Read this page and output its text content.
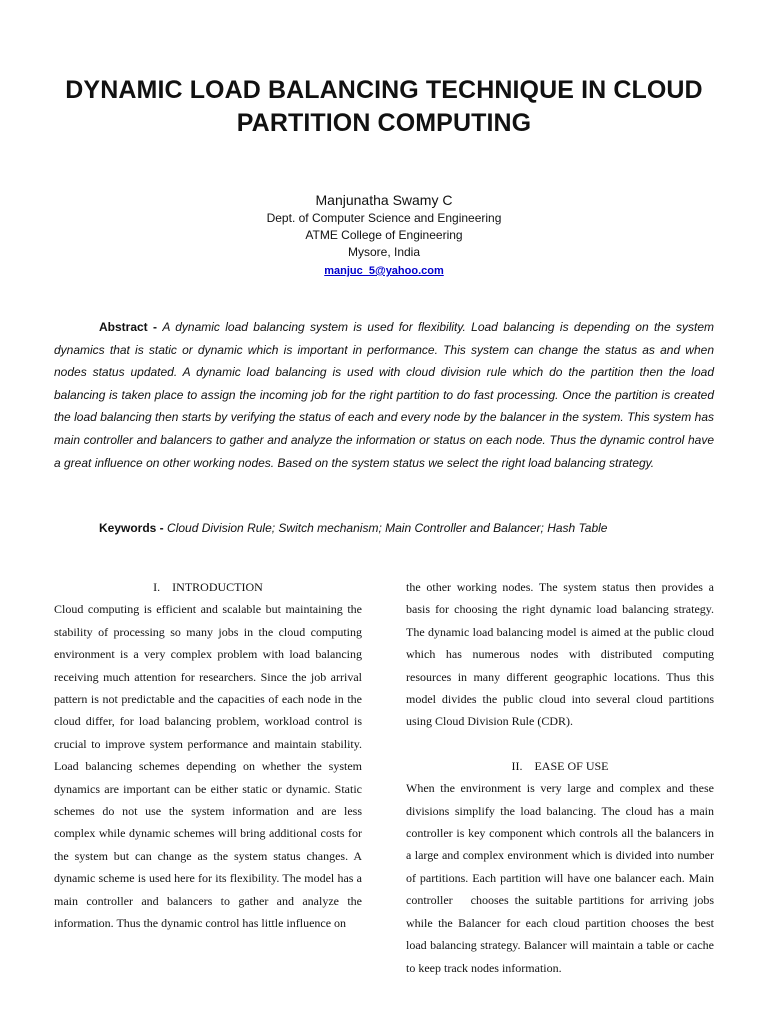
DYNAMIC LOAD BALANCING TECHNIQUE IN CLOUD
PARTITION COMPUTING
Manjunatha Swamy C
Dept. of Computer Science and Engineering
ATME College of Engineering
Mysore, India
manjuc_5@yahoo.com

Abstract - A dynamic load balancing system is used for flexibility. Load balancing is depending on the system dynamics that is static or dynamic which is important in performance. This system can change the status as and when nodes status updated. A dynamic load balancing is used with cloud division rule which do the partition then the load balancing is taken place to assign the incoming job for the right partition to do fast processing. Once the partition is created the load balancing then starts by verifying the status of each and every node by the balancer in the system. This system has main controller and balancers to gather and analyze the information or status on each node. Thus the dynamic control have a great influence on other working nodes. Based on the system status we select the right load balancing strategy.

Keywords - Cloud Division Rule; Switch mechanism; Main Controller and Balancer; Hash Table

I.    INTRODUCTION

Cloud computing is efficient and scalable but maintaining the stability of processing so many jobs in the cloud computing environment is a very complex problem with load balancing receiving much attention for researchers. Since the job arrival pattern is not predictable and the capacities of each node in the cloud differ, for load balancing problem, workload control is crucial to improve system performance and maintain stability. Load balancing schemes depending on whether the system dynamics are important can be either static or dynamic. Static schemes do not use the system information and are less complex while dynamic schemes will bring additional costs for the system but can change as the system status changes. A dynamic scheme is used here for its flexibility. The model has a main controller and balancers to gather and analyze the information. Thus the dynamic control has little influence on

the other working nodes. The system status then provides a basis for choosing the right dynamic load balancing strategy. The dynamic load balancing model is aimed at the public cloud which has numerous nodes with distributed computing resources in many different geographic locations. Thus this model divides the public cloud into several cloud partitions using Cloud Division Rule (CDR).

II.    EASE OF USE

When the environment is very large and complex and these divisions simplify the load balancing. The cloud has a main controller is key component which controls all the balancers in a large and complex environment which is divided into number of partitions. Each partition will have one balancer each. Main controller   chooses the suitable partitions for arriving jobs while the Balancer for each cloud partition chooses the best load balancing strategy. Balancer will maintain a table or cache to keep track nodes information.
